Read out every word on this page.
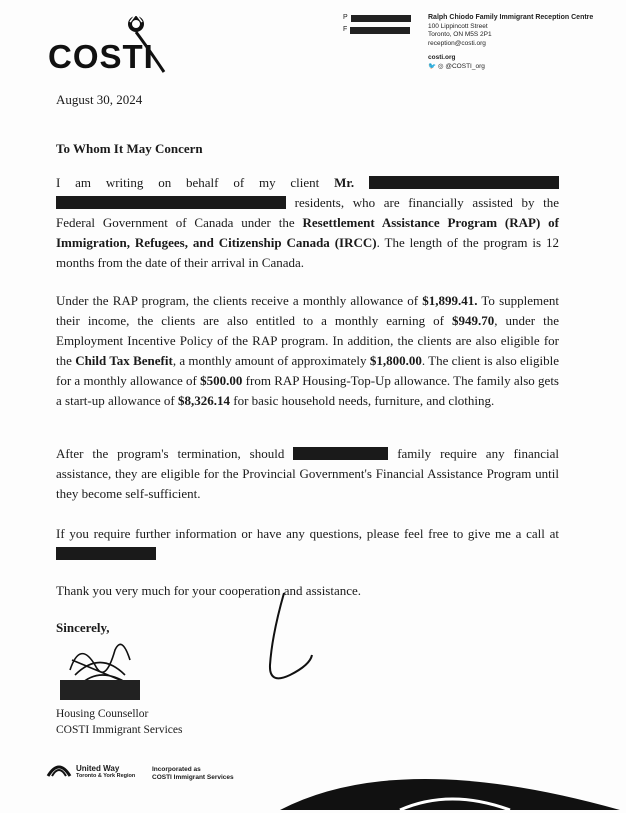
COSTI
P
F
Ralph Chiodo Family Immigrant Reception Centre
100 Lippincott Street
Toronto, ON M5S 2P1
reception@costi.org
costi.org
🐦 ◎ @COSTI_org
August 30, 2024
To Whom It May Concern
I am writing on behalf of my client Mr.   residents, who are financially assisted by the Federal Government of Canada under the Resettlement Assistance Program (RAP) of Immigration, Refugees, and Citizenship Canada (IRCC). The length of the program is 12 months from the date of their arrival in Canada.
Under the RAP program, the clients receive a monthly allowance of $1,899.41. To supplement their income, the clients are also entitled to a monthly earning of $949.70, under the Employment Incentive Policy of the RAP program. In addition, the clients are also eligible for the Child Tax Benefit, a monthly amount of approximately $1,800.00. The client is also eligible for a monthly allowance of $500.00 from RAP Housing-Top-Up allowance. The family also gets a start-up allowance of $8,326.14 for basic household needs, furniture, and clothing.
After the program's termination, should	family require any financial assistance, they are eligible for the Provincial Government's Financial Assistance Program until they become self-sufficient.
If you require further information or have any questions, please feel free to give me a call at
Thank you very much for your cooperation and assistance.
Sincerely,
Housing Counsellor
COSTI Immigrant Services
United Way
Toronto & York Region
Incorporated as
COSTI Immigrant Services
